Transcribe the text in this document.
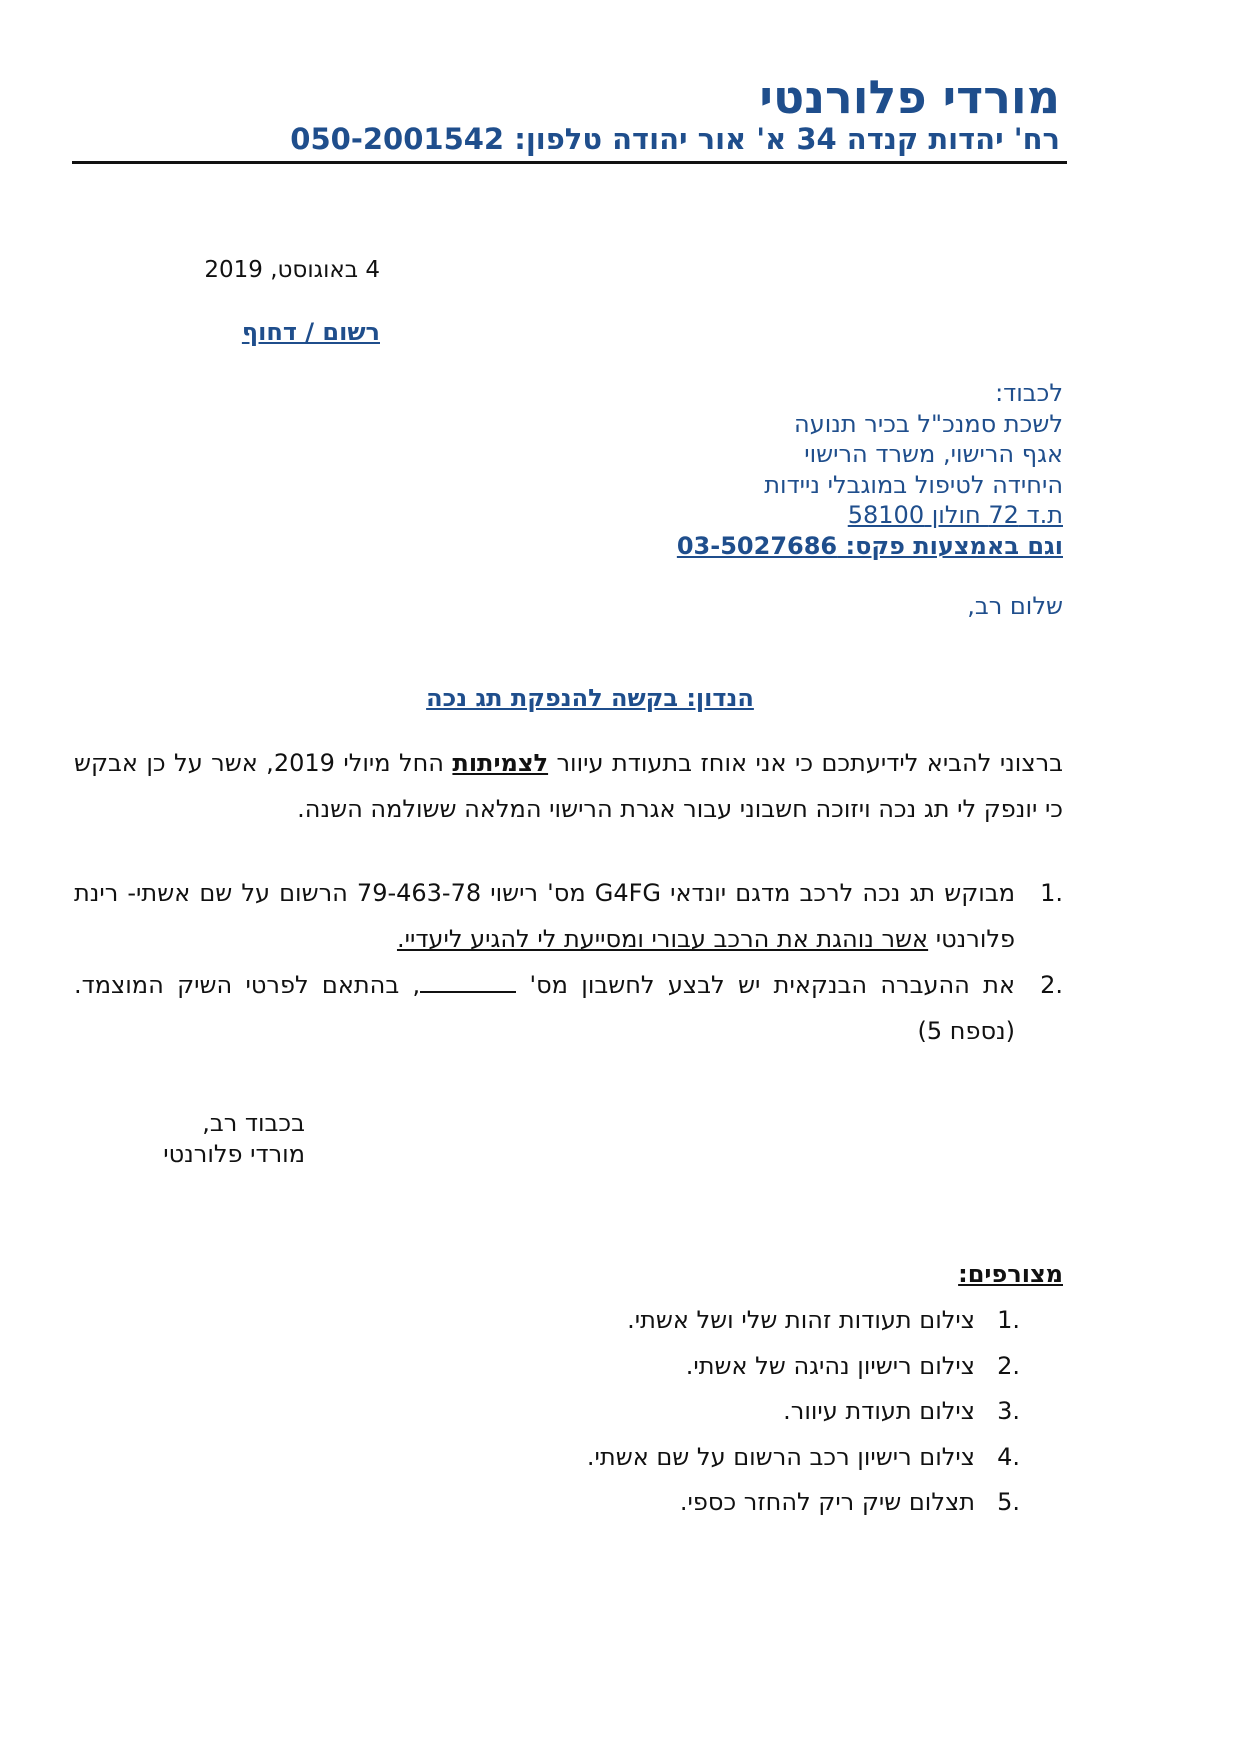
מורדי פלורנטי
רח' יהדות קנדה 34 א' אור יהודה טלפון: 050-2001542
4 באוגוסט, 2019
רשום / דחוף
לכבוד:
לשכת סמנכ"ל בכיר תנועה
אגף הרישוי, משרד הרישוי
היחידה לטיפול במוגבלי ניידות
ת.ד 72 חולון 58100
וגם באמצעות פקס: 03-5027686
שלום רב,
הנדון: בקשה להנפקת תג נכה
ברצוני להביא לידיעתכם כי אני אוחז בתעודת עיוור לצמיתות החל מיולי 2019, אשר על כן אבקש כי יונפק לי תג נכה ויזוכה חשבוני עבור אגרת הרישוי המלאה ששולמה השנה.
.1
מבוקש תג נכה לרכב מדגם יונדאי G4FG מס' רישוי 79-463-78 הרשום על שם אשתי- רינת פלורנטי אשר נוהגת את הרכב עבורי ומסייעת לי להגיע ליעדיי.
.2
את ההעברה הבנקאית יש לבצע לחשבון מס' , בהתאם לפרטי השיק המוצמד. (נספח 5)
בכבוד רב,
מורדי פלורנטי
מצורפים:
.1
צילום תעודות זהות שלי ושל אשתי.
.2
צילום רישיון נהיגה של אשתי.
.3
צילום תעודת עיוור.
.4
צילום רישיון רכב הרשום על שם אשתי.
.5
תצלום שיק ריק להחזר כספי.
